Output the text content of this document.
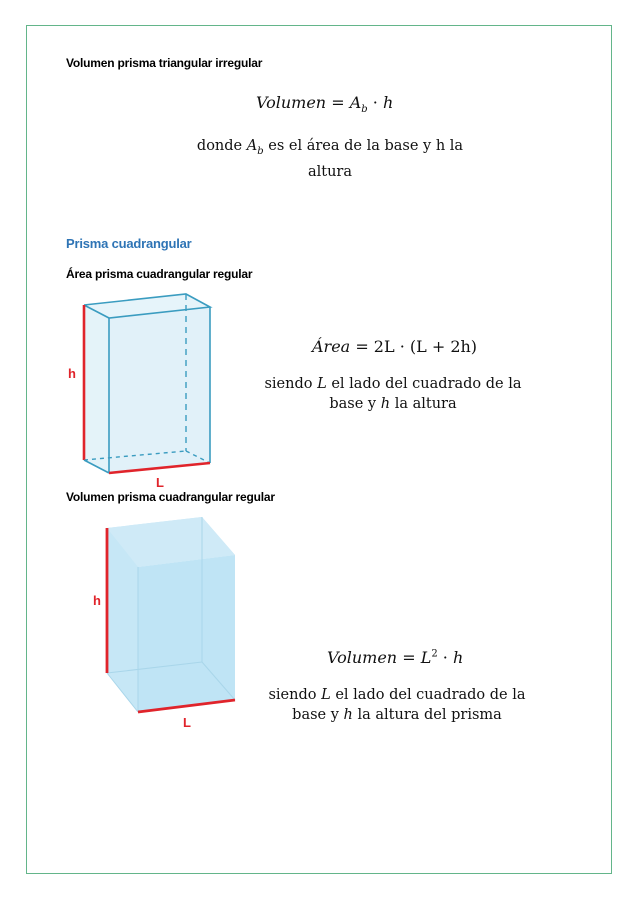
Volumen prisma triangular irregular
Volumen = $A_b \cdot h$
donde $A_b$ es el área de la base y h la
altura
Prisma cuadrangular
Área prisma cuadrangular regular
h
L
Área = 2L · (L + 2h)
siendo L el lado del cuadrado de la
base y h la altura
Volumen prisma cuadrangular regular
h
L
Volumen = $L^2 \cdot h$
siendo L el lado del cuadrado de la
base y h la altura del prisma
